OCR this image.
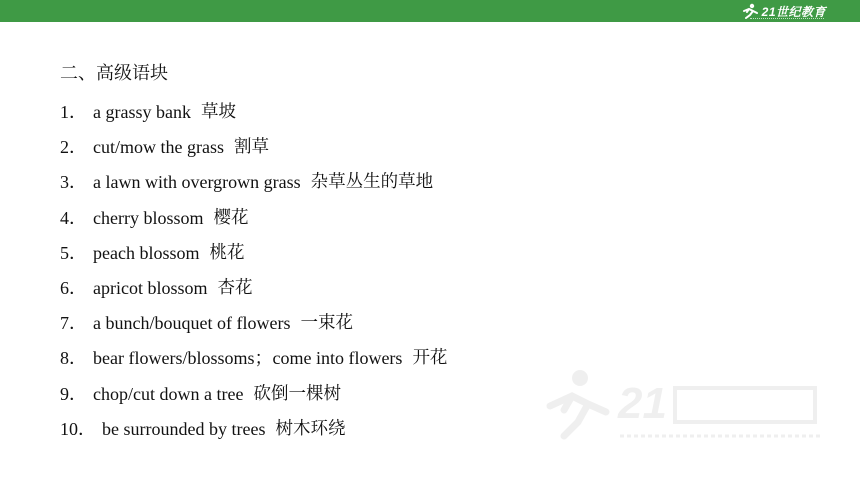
21世纪教育
二、高级语块
1． a grassy bank 草坡
2． cut/mow the grass 割草
3． a lawn with overgrown grass 杂草丛生的草地
4． cherry blossom 樱花
5． peach blossom 桃花
6． apricot blossom 杏花
7． a bunch/bouquet of flowers 一束花
8． bear flowers/blossoms；come into flowers 开花
9． chop/cut down a tree 砍倒一棵树
10． be surrounded by trees 树木环绕
21
